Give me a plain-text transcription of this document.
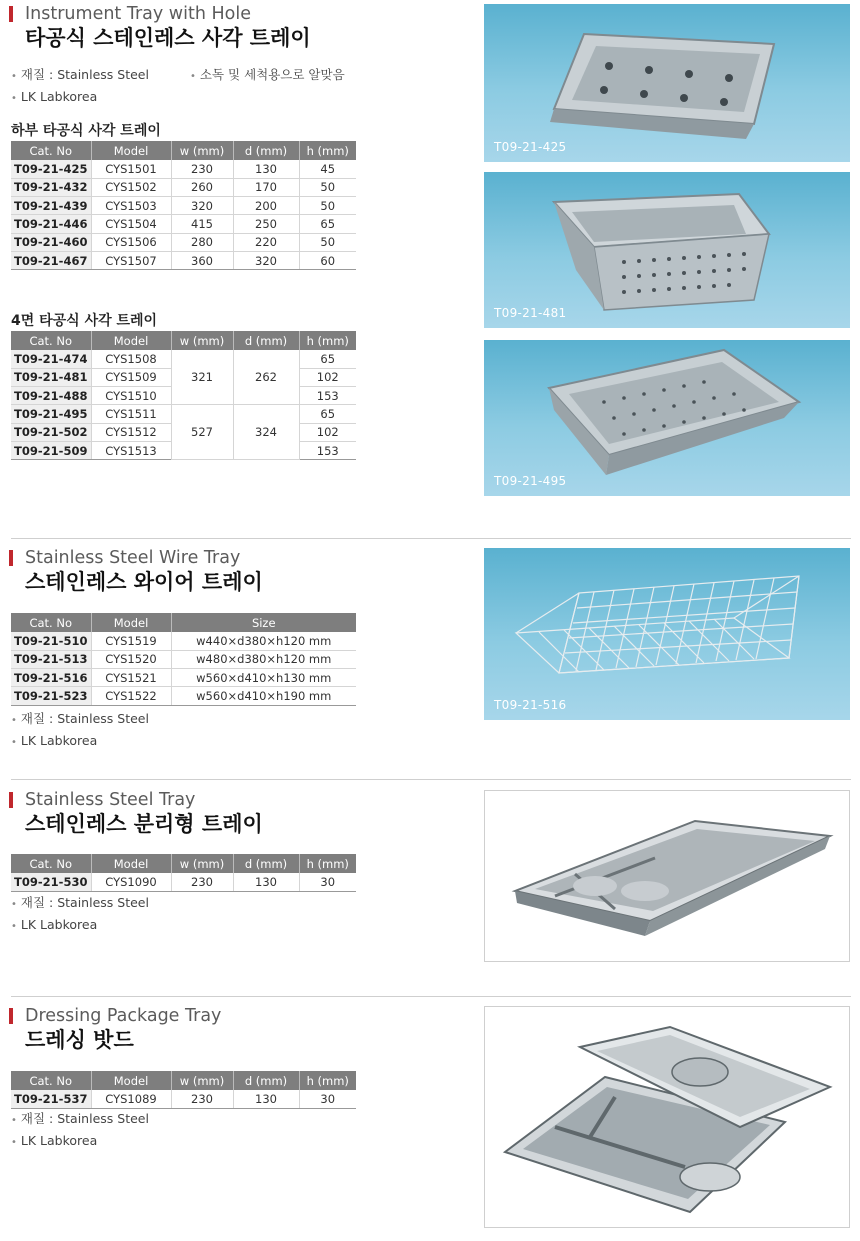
Instrument Tray with Hole
타공식 스테인레스 사각 트레이
• 재질 : Stainless Steel
• LK Labkorea
• 소독 및 세척용으로 알맞음
하부 타공식 사각 트레이
Cat. No	Model	w (mm)	d (mm)	h (mm)
T09-21-425	CYS1501	230	130	45
T09-21-432	CYS1502	260	170	50
T09-21-439	CYS1503	320	200	50
T09-21-446	CYS1504	415	250	65
T09-21-460	CYS1506	280	220	50
T09-21-467	CYS1507	360	320	60
4면 타공식 사각 트레이
Cat. No	Model	w (mm)	d (mm)	h (mm)
T09-21-474	CYS1508	321	262	65
T09-21-481	CYS1509			102
T09-21-488	CYS1510			153
T09-21-495	CYS1511	527	324	65
T09-21-502	CYS1512			102
T09-21-509	CYS1513			153
T09-21-425
T09-21-481
T09-21-495
Stainless Steel Wire Tray
스테인레스 와이어 트레이
Cat. No	Model	Size
T09-21-510	CYS1519	w440×d380×h120 mm
T09-21-513	CYS1520	w480×d380×h120 mm
T09-21-516	CYS1521	w560×d410×h130 mm
T09-21-523	CYS1522	w560×d410×h190 mm
• 재질 : Stainless Steel
• LK Labkorea
T09-21-516
Stainless Steel Tray
스테인레스 분리형 트레이
Cat. No	Model	w (mm)	d (mm)	h (mm)
T09-21-530	CYS1090	230	130	30
• 재질 : Stainless Steel
• LK Labkorea
Dressing Package Tray
드레싱 밧드
Cat. No	Model	w (mm)	d (mm)	h (mm)
T09-21-537	CYS1089	230	130	30
• 재질 : Stainless Steel
• LK Labkorea
